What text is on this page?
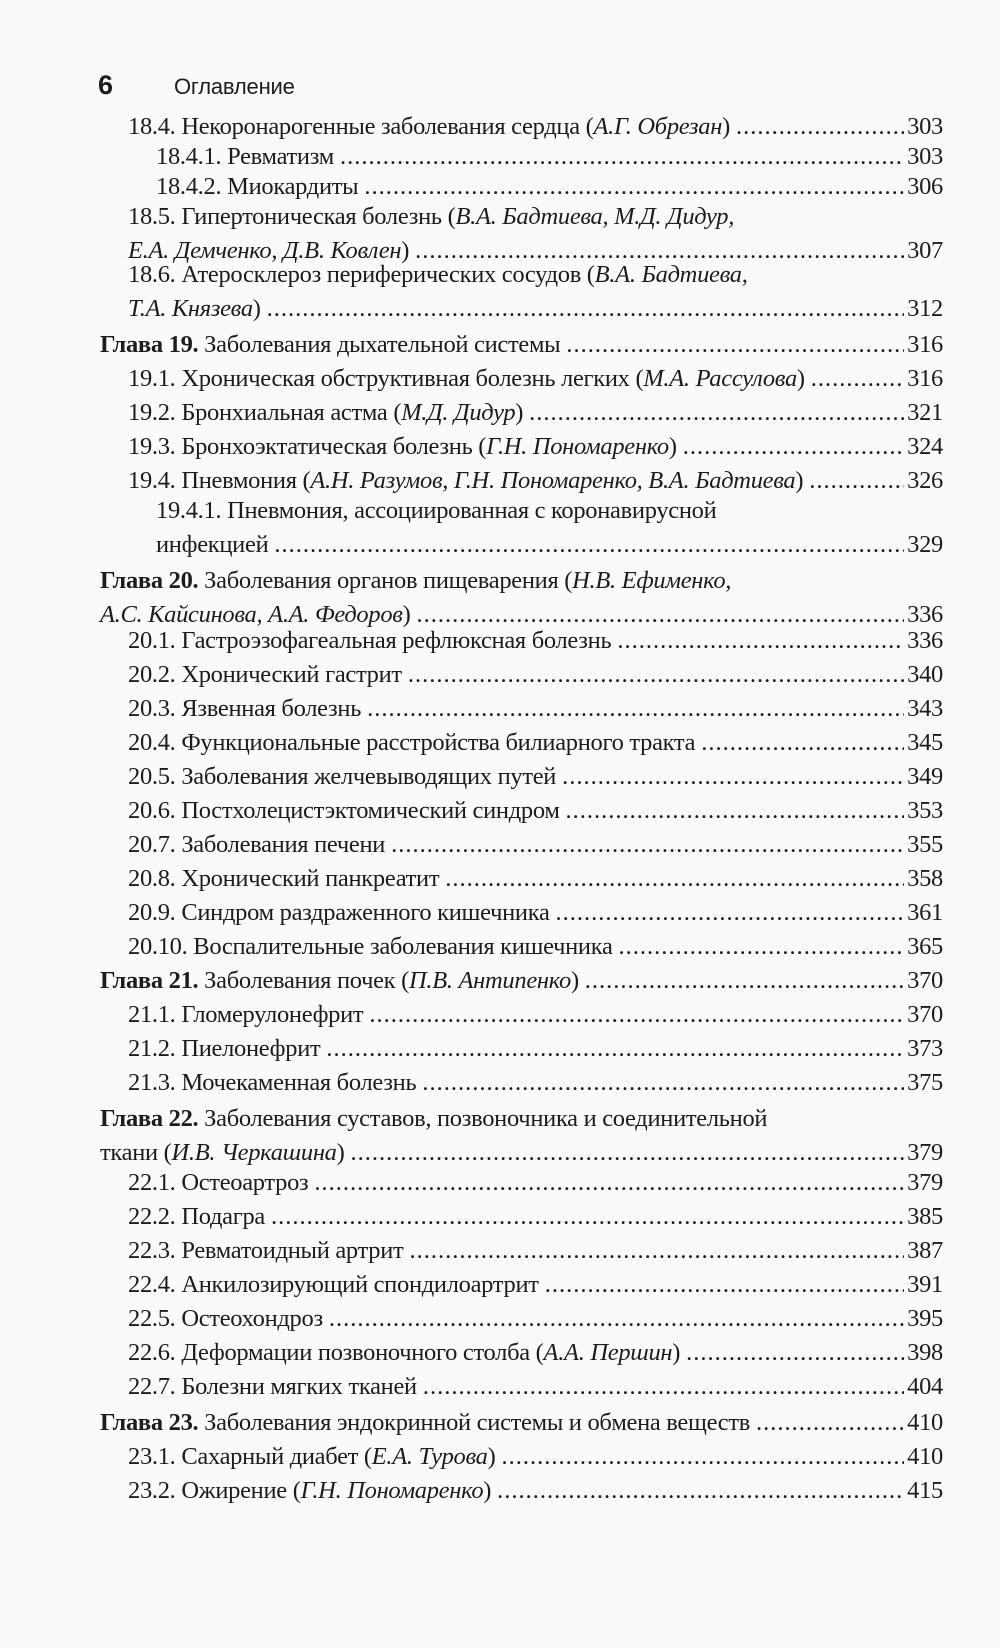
6	Оглавление
18.4. Некоронарогенные заболевания сердца (А.Г. Обрезан) .....	303
18.4.1. Ревматизм .....	303
18.4.2. Миокардиты .....	306
18.5. Гипертоническая болезнь (В.А. Бадтиева, М.Д. Дидур,
Е.А. Демченко, Д.В. Ковлен) .....	307
18.6. Атеросклероз периферических сосудов (В.А. Бадтиева,
Т.А. Князева) .....	312
Глава 19. Заболевания дыхательной системы .....	316
19.1. Хроническая обструктивная болезнь легких (М.А. Рассулова) .....	316
19.2. Бронхиальная астма (М.Д. Дидур) .....	321
19.3. Бронхоэктатическая болезнь (Г.Н. Пономаренко) .....	324
19.4. Пневмония (А.Н. Разумов, Г.Н. Пономаренко, В.А. Бадтиева) .....	326
19.4.1. Пневмония, ассоциированная с коронавирусной
инфекцией .....	329
Глава 20. Заболевания органов пищеварения (Н.В. Ефименко,
А.С. Кайсинова, А.А. Федоров) .....	336
20.1. Гастроэзофагеальная рефлюксная болезнь .....	336
20.2. Хронический гастрит .....	340
20.3. Язвенная болезнь .....	343
20.4. Функциональные расстройства билиарного тракта .....	345
20.5. Заболевания желчевыводящих путей .....	349
20.6. Постхолецистэктомический синдром .....	353
20.7. Заболевания печени .....	355
20.8. Хронический панкреатит .....	358
20.9. Синдром раздраженного кишечника .....	361
20.10. Воспалительные заболевания кишечника .....	365
Глава 21. Заболевания почек (П.В. Антипенко) .....	370
21.1. Гломерулонефрит .....	370
21.2. Пиелонефрит .....	373
21.3. Мочекаменная болезнь .....	375
Глава 22. Заболевания суставов, позвоночника и соединительной
ткани (И.В. Черкашина) .....	379
22.1. Остеоартроз .....	379
22.2. Подагра .....	385
22.3. Ревматоидный артрит .....	387
22.4. Анкилозирующий спондилоартрит .....	391
22.5. Остеохондроз .....	395
22.6. Деформации позвоночного столба (А.А. Першин) .....	398
22.7. Болезни мягких тканей .....	404
Глава 23. Заболевания эндокринной системы и обмена веществ .....	410
23.1. Сахарный диабет (Е.А. Турова) .....	410
23.2. Ожирение (Г.Н. Пономаренко) .....	415
